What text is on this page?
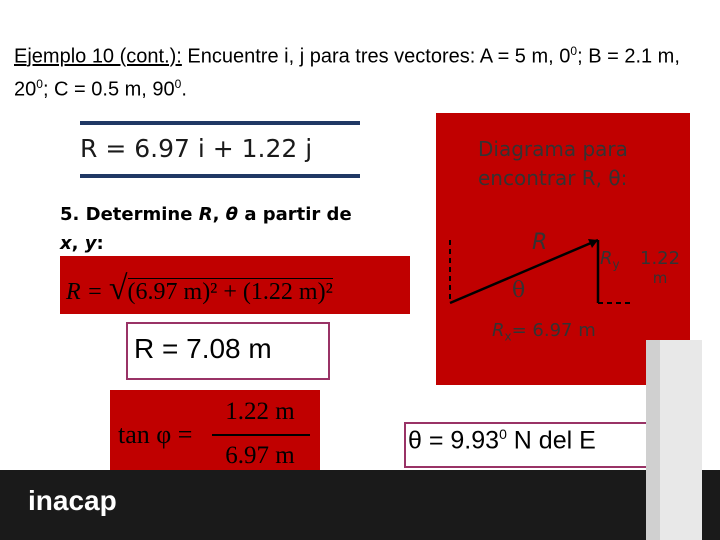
Ejemplo 10 (cont.): Encuentre i, j para tres vectores: A = 5 m, $0^0$; B = 2.1 m, $20^0$; C = 0.5 m, $90^0$.
R = 6.97 i + 1.22 j
5. Determine R, θ a partir de x, y:
R = √(6.97 m)² + (1.22 m)²
R = 7.08 m
tan φ =
1.22 m
6.97 m
Diagrama para
encontrar R, θ:
R
θ
$R_y$ 1.22
m
$R_x= 6.97$ m
$\theta = 9.93^0$ N del E
inacap
